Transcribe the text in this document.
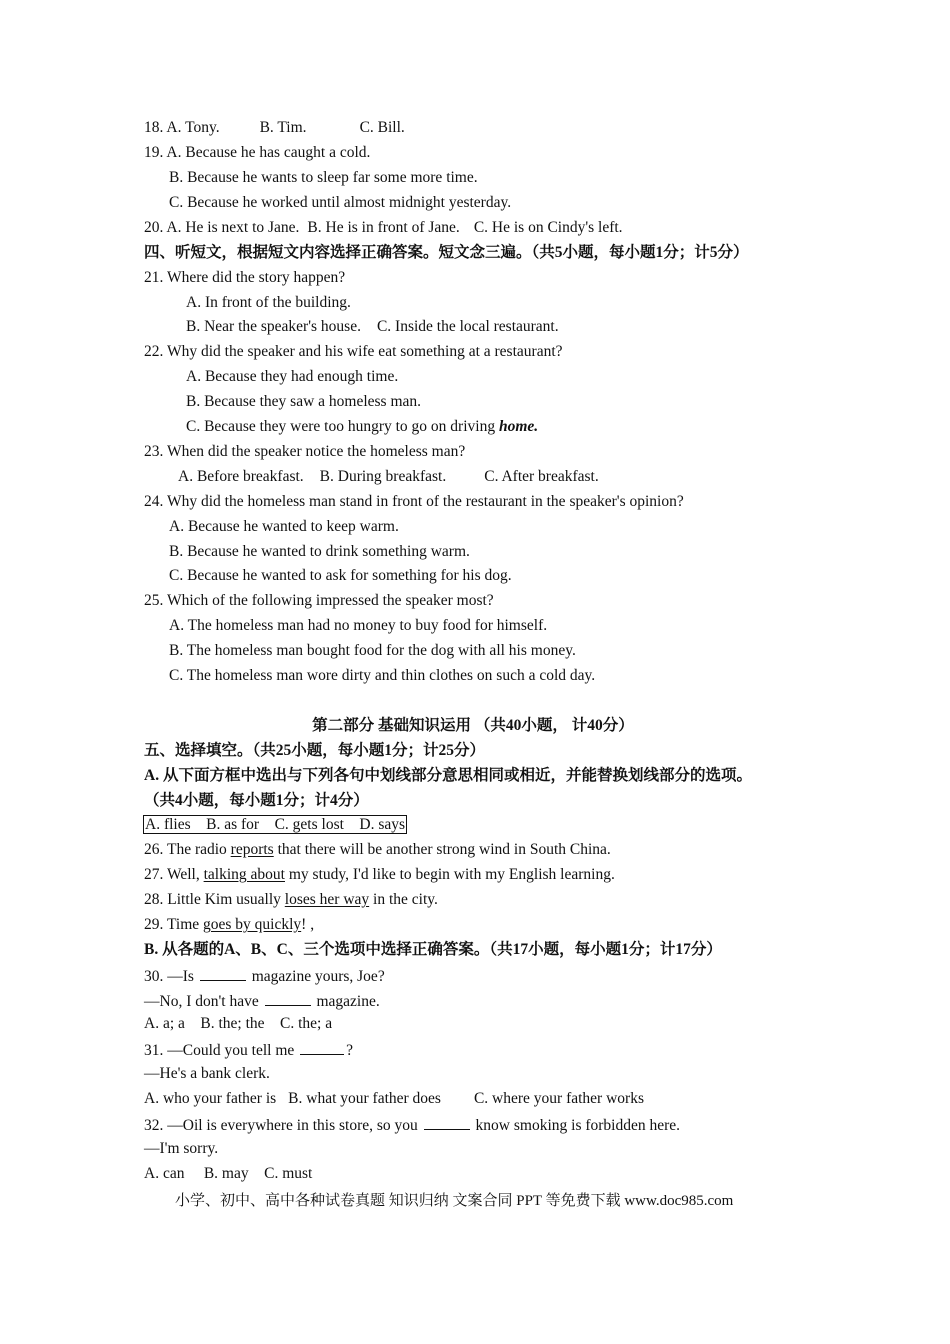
18. A. Tony.	B. Tim.	C. Bill.
19. A. Because he has caught a cold.
B. Because he wants to sleep far some more time.
C. Because he worked until almost midnight yesterday.
20. A. He is next to Jane. B. He is in front of Jane. C. He is on Cindy's left.
四、听短文，根据短文内容选择正确答案。短文念三遍。（共5小题，每小题1分；计5分）
21. Where did the story happen?
A. In front of the building.
B. Near the speaker's house. C. Inside the local restaurant.
22. Why did the speaker and his wife eat something at a restaurant?
A. Because they had enough time.
B. Because they saw a homeless man.
C. Because they were too hungry to go on driving home.
23. When did the speaker notice the homeless man?
A. Before breakfast. B. During breakfast. C. After breakfast.
24. Why did the homeless man stand in front of the restaurant in the speaker's opinion?
A. Because he wanted to keep warm.
B. Because he wanted to drink something warm.
C. Because he wanted to ask for something for his dog.
25. Which of the following impressed the speaker most?
A. The homeless man had no money to buy food for himself.
B. The homeless man bought food for the dog with all his money.
C. The homeless man wore dirty and thin clothes on such a cold day.
第二部分 基础知识运用 （共40小题， 计40分）
五、选择填空。（共25小题，每小题1分；计25分）
A. 从下面方框中选出与下列各句中划线部分意思相同或相近，并能替换划线部分的选项。
（共4小题，每小题1分；计4分）
A. flies    B. as for    C. gets lost    D. says
26. The radio reports that there will be another strong wind in South China.
27. Well, talking about my study, I'd like to begin with my English learning.
28. Little Kim usually loses her way in the city.
29. Time goes by quickly! ,
B. 从各题的A、B、C、三个选项中选择正确答案。（共17小题，每小题1分；计17分）
30. —Is	magazine yours, Joe?
—No, I don't have	magazine.
A. a; a    B. the; the    C. the; a
31. —Could you tell me	?
—He's a bank clerk.
A. who your father is B. what your father does C. where your father works
32. —Oil is everywhere in this store, so you	know smoking is forbidden here.
—I'm sorry.
A. can     B. may    C. must
小学、初中、高中各种试卷真题 知识归纳 文案合同 PPT 等免费下载 www.doc985.com
